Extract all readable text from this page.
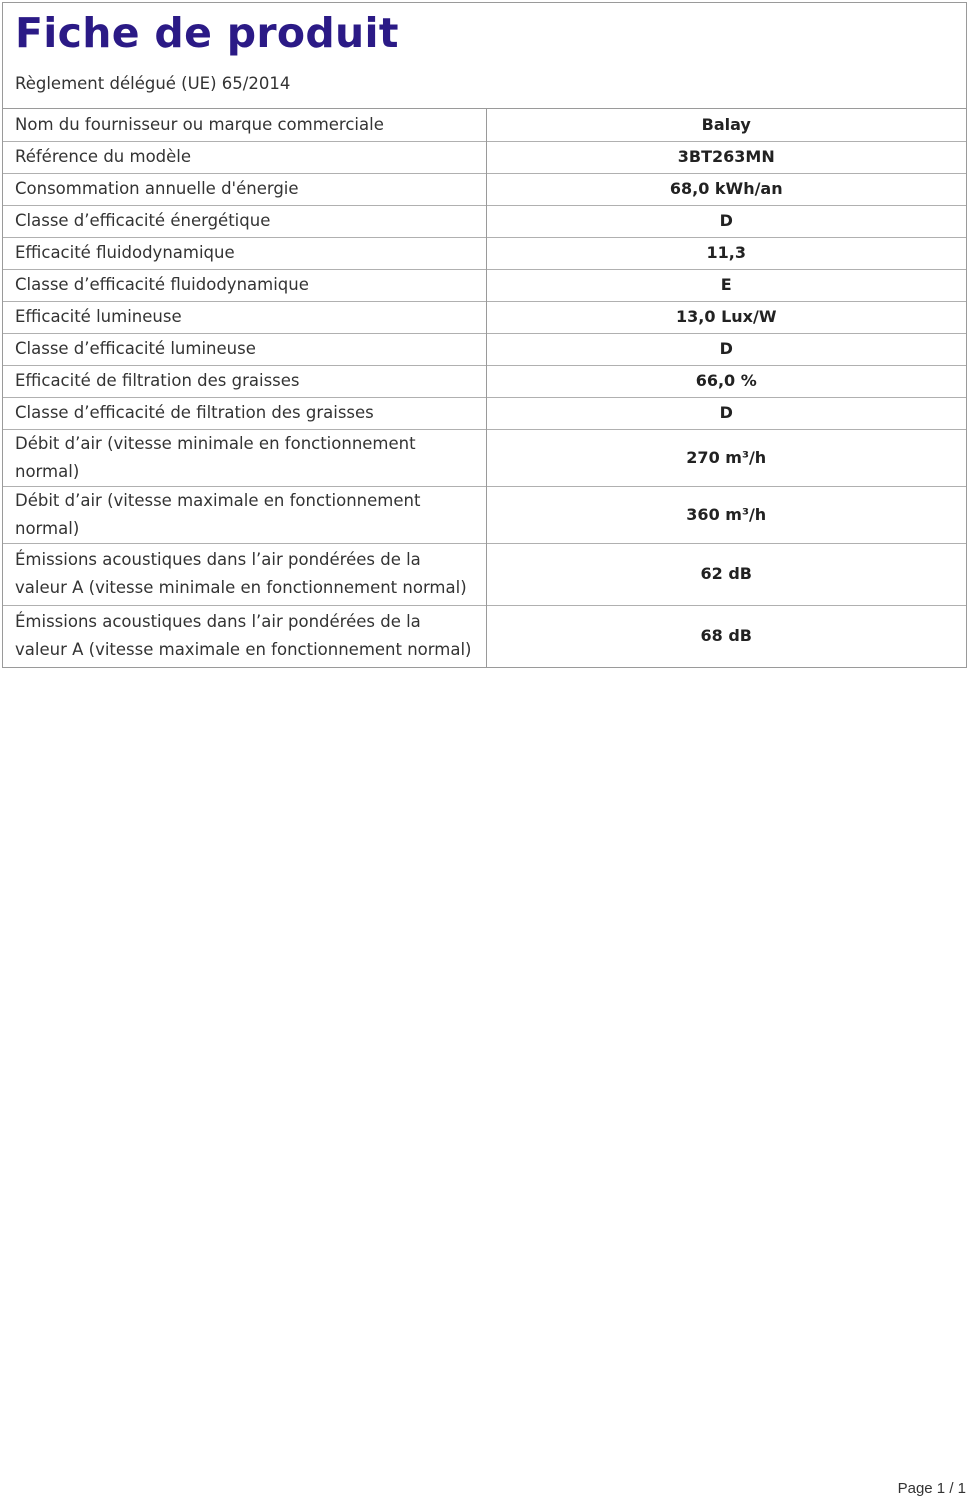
Fiche de produit
Règlement délégué (UE) 65/2014
Nom du fournisseur ou marque commerciale	Balay
Référence du modèle	3BT263MN
Consommation annuelle d'énergie	68,0 kWh/an
Classe d’efficacité énergétique	D
Efficacité fluidodynamique	11,3
Classe d’efficacité fluidodynamique	E
Efficacité lumineuse	13,0 Lux/W
Classe d’efficacité lumineuse	D
Efficacité de filtration des graisses	66,0 %
Classe d’efficacité de filtration des graisses	D
Débit d’air (vitesse minimale en fonctionnement normal)	270 m³/h
Débit d’air (vitesse maximale en fonctionnement normal)	360 m³/h
Émissions acoustiques dans l’air pondérées de la valeur A (vitesse minimale en fonctionnement normal)	62 dB
Émissions acoustiques dans l’air pondérées de la valeur A (vitesse maximale en fonctionnement normal)	68 dB
Page 1 / 1
